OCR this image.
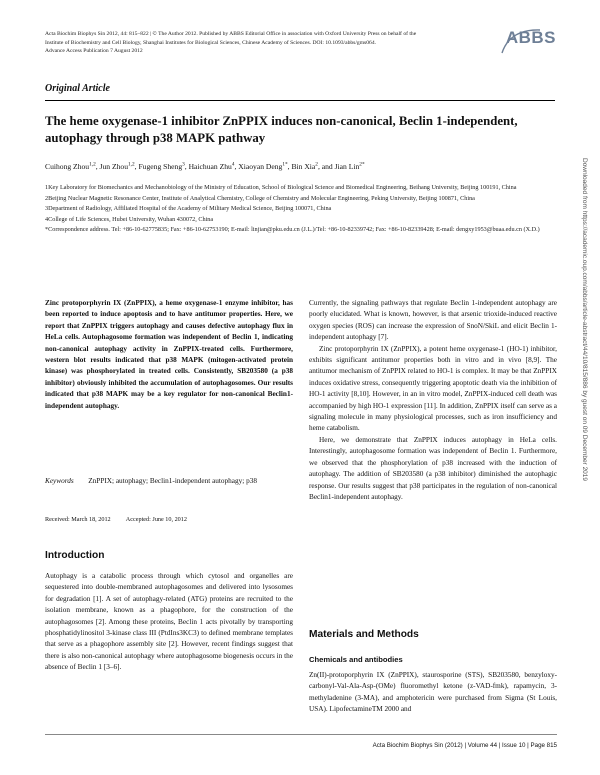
Acta Biochim Biophys Sin 2012, 44: 815–822 | © The Author 2012. Published by ABBS Editorial Office in association with Oxford University Press on behalf of the
Institute of Biochemistry and Cell Biology, Shanghai Institutes for Biological Sciences, Chinese Academy of Sciences. DOI: 10.1093/abbs/gms064.
Advance Access Publication 7 August 2012
ABBS
Original Article
The heme oxygenase-1 inhibitor ZnPPIX induces non-canonical, Beclin 1-independent, autophagy through p38 MAPK pathway
Cuihong Zhou$^{1,2}$, Jun Zhou$^{1,2}$, Fugeng Sheng$^3$, Haichuan Zhu$^4$, Xiaoyan Deng$^{1*}$, Bin Xia$^2$, and Jian Lin$^{2*}$
1Key Laboratory for Biomechanics and Mechanobiology of the Ministry of Education, School of Biological Science and Biomedical Engineering, Beihang University, Beijing 100191, China
2Beijing Nuclear Magnetic Resonance Center, Institute of Analytical Chemistry, College of Chemistry and Molecular Engineering, Peking University, Beijing 100871, China
3Department of Radiology, Affiliated Hospital of the Academy of Military Medical Science, Beijing 100071, China
4College of Life Sciences, Hubei University, Wuhan 430072, China
*Correspondence address. Tel: +86-10-62775835; Fax: +86-10-62753190; E-mail: linjian@pku.edu.cn (J.L.)/Tel: +86-10-82339742; Fax: +86-10-82339428; E-mail: dengxy1953@buaa.edu.cn (X.D.)	Downloaded from https://academic.oup.com/abbs/article-abstract/44/10/815/886 by guest on 09 December 2019

Zinc protoporphyrin IX (ZnPPIX), a heme oxygenase-1 enzyme inhibitor, has been reported to induce apoptosis and to have antitumor properties. Here, we report that ZnPPIX triggers autophagy and causes defective autophagy flux in HeLa cells. Autophagosome formation was independent of Beclin 1, indicating non-canonical autophagy activity in ZnPPIX-treated cells. Furthermore, western blot results indicated that p38 MAPK (mitogen-activated protein kinase) was phosphorylated in treated cells. Consistently, SB203580 (a p38 inhibitor) obviously inhibited the accumulation of autophagosomes. Our results indicated that p38 MAPK may be a key regulator for non-canonical Beclin1-independent autophagy.

Keywords ZnPPIX; autophagy; Beclin1-independent autophagy; p38
Received: March 18, 2012 Accepted: June 10, 2012
Introduction

Autophagy is a catabolic process through which cytosol and organelles are sequestered into double-membraned autophagosomes and delivered into lysosomes for degradation [1]. A set of autophagy-related (ATG) proteins are recruited to the isolation membrane, known as a phagophore, for the construction of the autophagosomes [2]. Among these proteins, Beclin 1 acts pivotally by transporting phosphatidylinositol 3-kinase class III (PtdIns3KC3) to defined membrane templates that serve as a phagophore assembly site [2]. However, recent findings suggest that there is also non-canonical autophagy where autophagosome biogenesis occurs in the absence of Beclin 1 [3–6].

Currently, the signaling pathways that regulate Beclin 1-independent autophagy are poorly elucidated. What is known, however, is that arsenic trioxide-induced reactive oxygen species (ROS) can increase the expression of SnoN/SkiL and elicit Beclin 1-independent autophagy [7].

Zinc protoporphyrin IX (ZnPPIX), a potent heme oxygenase-1 (HO-1) inhibitor, exhibits significant antitumor properties both in vitro and in vivo [8,9]. The antitumor mechanism of ZnPPIX related to HO-1 is complex. It may be that ZnPPIX induces oxidative stress, consequently triggering apoptotic death via the inhibition of HO-1 activity [8,10]. However, in an in vitro model, ZnPPIX-induced cell death was accompanied by high HO-1 expression [11]. In addition, ZnPPIX itself can serve as a signaling molecule in many physiological processes, such as iron insufficiency and heme catabolism.

Here, we demonstrate that ZnPPIX induces autophagy in HeLa cells. Interestingly, autophagosome formation was independent of Beclin 1. Furthermore, we observed that the phosphorylation of p38 increased with the induction of autophagy. The addition of SB203580 (a p38 inhibitor) diminished the autophagic response. Our results suggest that p38 participates in the regulation of non-canonical Beclin1-independent autophagy.

Materials and Methods
Chemicals and antibodies

Zn(II)-protoporphyrin IX (ZnPPIX), staurosporine (STS), SB203580, benzyloxy-carbonyl-Val-Ala-Asp-(OMe) fluoromethyl ketone (z-VAD-fmk), rapamycin, 3-methyladenine (3-MA), and amphotericin were purchased from Sigma (St Louis, USA). LipofectamineTM 2000 and

Acta Biochim Biophys Sin (2012) | Volume 44 | Issue 10 | Page 815
